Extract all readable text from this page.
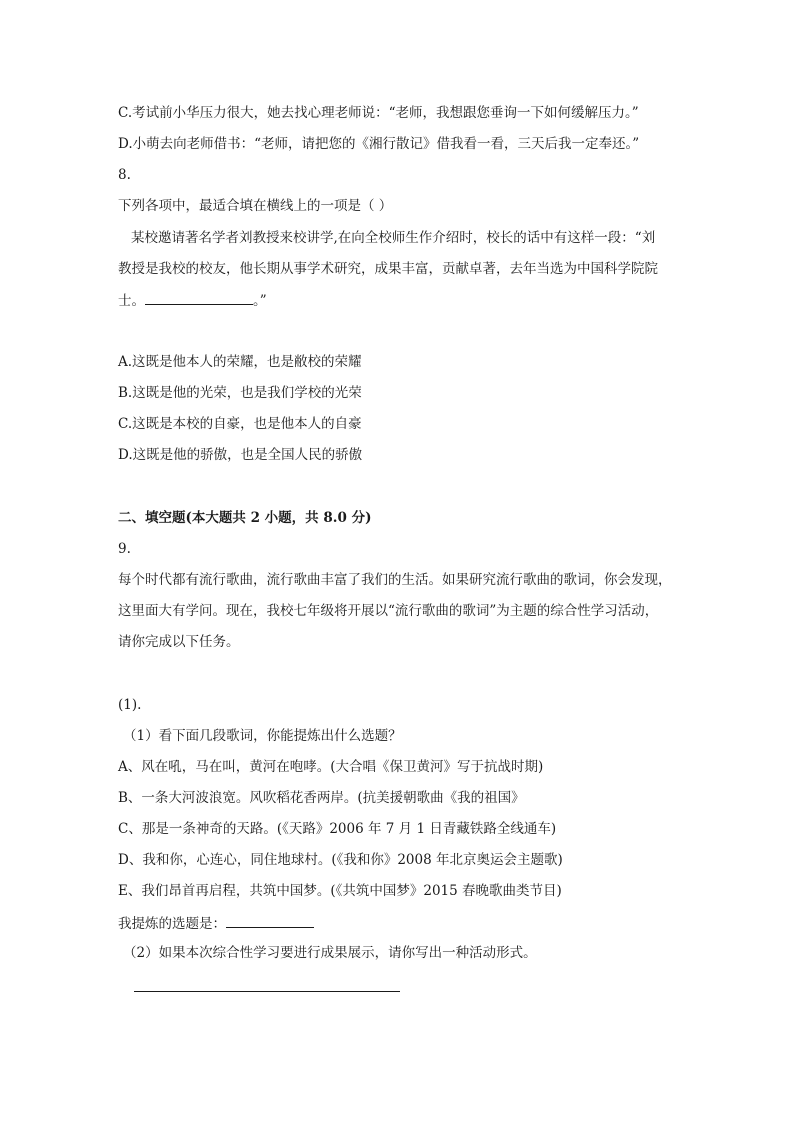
C.考试前小华压力很大，她去找心理老师说：“老师，我想跟您垂询一下如何缓解压力。”
D.小萌去向老师借书：“老师，请把您的《湘行散记》借我看一看，三天后我一定奉还。”
8.
下列各项中，最适合填在横线上的一项是（ ）
某校邀请著名学者刘教授来校讲学,在向全校师生作介绍时，校长的话中有这样一段：“刘
教授是我校的校友，他长期从事学术研究，成果丰富，贡献卓著，去年当选为中国科学院院
士。	。”
A.这既是他本人的荣耀，也是敝校的荣耀
B.这既是他的光荣，也是我们学校的光荣
C.这既是本校的自豪，也是他本人的自豪
D.这既是他的骄傲，也是全国人民的骄傲
二、填空题(本大题共 2 小题，共 8.0 分)
9.
每个时代都有流行歌曲，流行歌曲丰富了我们的生活。如果研究流行歌曲的歌词，你会发现，
这里面大有学问。现在，我校七年级将开展以“流行歌曲的歌词”为主题的综合性学习活动，
请你完成以下任务。
(1).
（1）看下面几段歌词，你能提炼出什么选题？
A、风在吼，马在叫，黄河在咆哮。(大合唱《保卫黄河》写于抗战时期)
B、一条大河波浪宽。风吹稻花香两岸。(抗美援朝歌曲《我的祖国》
C、那是一条神奇的天路。(《天路》2006 年 7 月 1 日青藏铁路全线通车)
D、我和你，心连心，同住地球村。(《我和你》2008 年北京奥运会主题歌)
E、我们昂首再启程，共筑中国梦。(《共筑中国梦》2015 春晚歌曲类节目)
我提炼的选题是：
（2）如果本次综合性学习要进行成果展示，请你写出一种活动形式。
